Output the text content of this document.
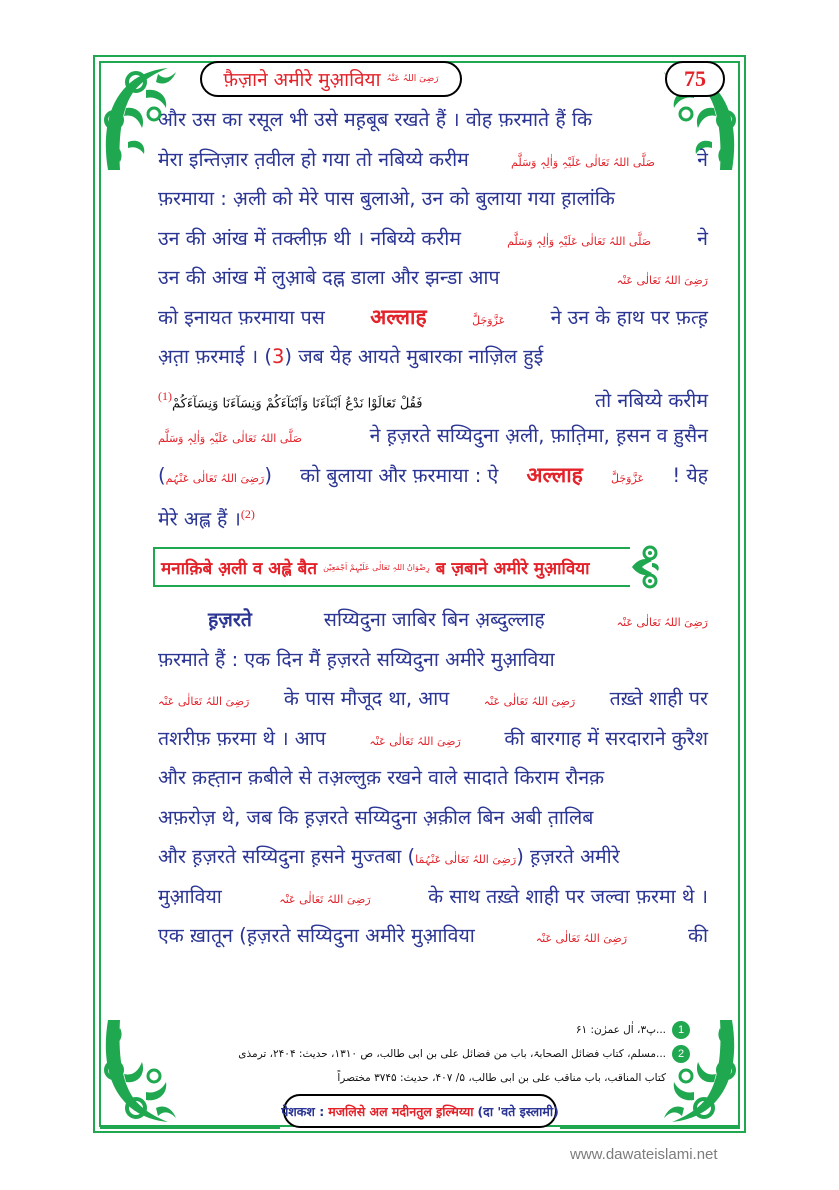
फ़ैज़ाने अमीरे मुआ़विया رَضِیَ اللہُ عَنْہُ	75
और उस का रसूल भी उसे मह़बूब रखते हैं । वोह फ़रमाते हैं कि
मेरा इन्तिज़ार त़वील हो गया तो नबिय्ये करीम	صَلَّی اللہُ تَعَالٰی عَلَیْہِ وَاٰلِہٖ وَسَلَّم ने
फ़रमाया : अ़ली को मेरे पास बुलाओ, उन को बुलाया गया ह़ालांकि
उन की आंख में तक्लीफ़ थी । नबिय्ये करीम	صَلَّی اللہُ تَعَالٰی عَلَیْہِ وَاٰلِہٖ وَسَلَّم ने
उन की आंख में लुआ़बे दह्न डाला और झन्डा आप	رَضِیَ اللہُ تَعَالٰی عَنْہ
को इनायत फ़रमाया पस अल्लाह	عَزَّوَجَلَّ ने उन के हाथ पर फ़त्ह़
अ़त़ा फ़रमाई । (3) जब येह आयते मुबारका नाज़िल हुई
$^{(1)}$فَقُلْ تَعَالَوْا نَدْعُ اَبْنَآءَنَا وَاَبْنَآءَكُمْ وَنِسَآءَنَا وَنِسَآءَكُمْ	तो नबिय्ये करीम
صَلَّی اللہُ تَعَالٰی عَلَیْہِ وَاٰلِہٖ وَسَلَّم	ने ह़ज़रते सय्यिदुना अ़ली, फ़ात़िमा, ह़सन व ह़ुसैन
(رَضِیَ اللہُ تَعَالٰی عَنْہُم) को बुलाया और फ़रमाया : ऐ अल्लाह	عَزَّوَجَلَّ ! येह
मेरे अह्ल हैं ।$^{(2)}$
मनाक़िबे अ़ली व अह्ले बैत رِضْوَانُ اللہِ تَعَالٰی عَلَیْہِمْ اَجْمَعِیْن ब ज़बाने अमीरे मुआ़विया
ह़ज़रते	सय्यिदुना जाबिर बिन अ़ब्दुल्लाह	رَضِیَ اللہُ تَعَالٰی عَنْہ
फ़रमाते हैं : एक दिन मैं ह़ज़रते सय्यिदुना अमीरे मुआ़विया
رَضِیَ اللہُ تَعَالٰی عَنْہ के पास मौजूद था, आप	رَضِیَ اللہُ تَعَالٰی عَنْہ तख़्ते शाही पर
तशरीफ़ फ़रमा थे । आप	رَضِیَ اللہُ تَعَالٰی عَنْہ की बारगाह में सरदाराने कुरैश
और क़ह्त़ान क़बीले से तअ़ल्लुक़ रखने वाले सादाते किराम रौनक़
अफ़रोज़ थे, जब कि ह़ज़रते सय्यिदुना अ़क़ील बिन अबी त़ालिब
और ह़ज़रते सय्यिदुना ह़सने मुज्तबा (رَضِیَ اللہُ تَعَالٰی عَنْہُمَا) ह़ज़रते अमीरे
मुआ़विया	رَضِیَ اللہُ تَعَالٰی عَنْہ	के साथ तख़्ते शाही पर जल्वा फ़रमा थे ।
एक ख़ातून (ह़ज़रते सय्यिदुना अमीरे मुआ़विया	رَضِیَ اللہُ تَعَالٰی عَنْہ	की
1
...پ۳، اٰل عمرٰن: ۶۱
2
...مسلم، کتاب فضائل الصحابۃ، باب من فضائل علی بن ابی طالب، ص ۱۳۱۰، حدیث: ۲۴۰۴، ترمذی
کتاب المناقب، باب مناقب علی بن ابی طالب، ۵/ ۴۰۷، حدیث: ۳۷۴۵ مختصراً
पेशकश : मजलिसे अल मदीनतुल इ़ल्मिय्या (दा 'वते इस्लामी)
www.dawateislami.net
